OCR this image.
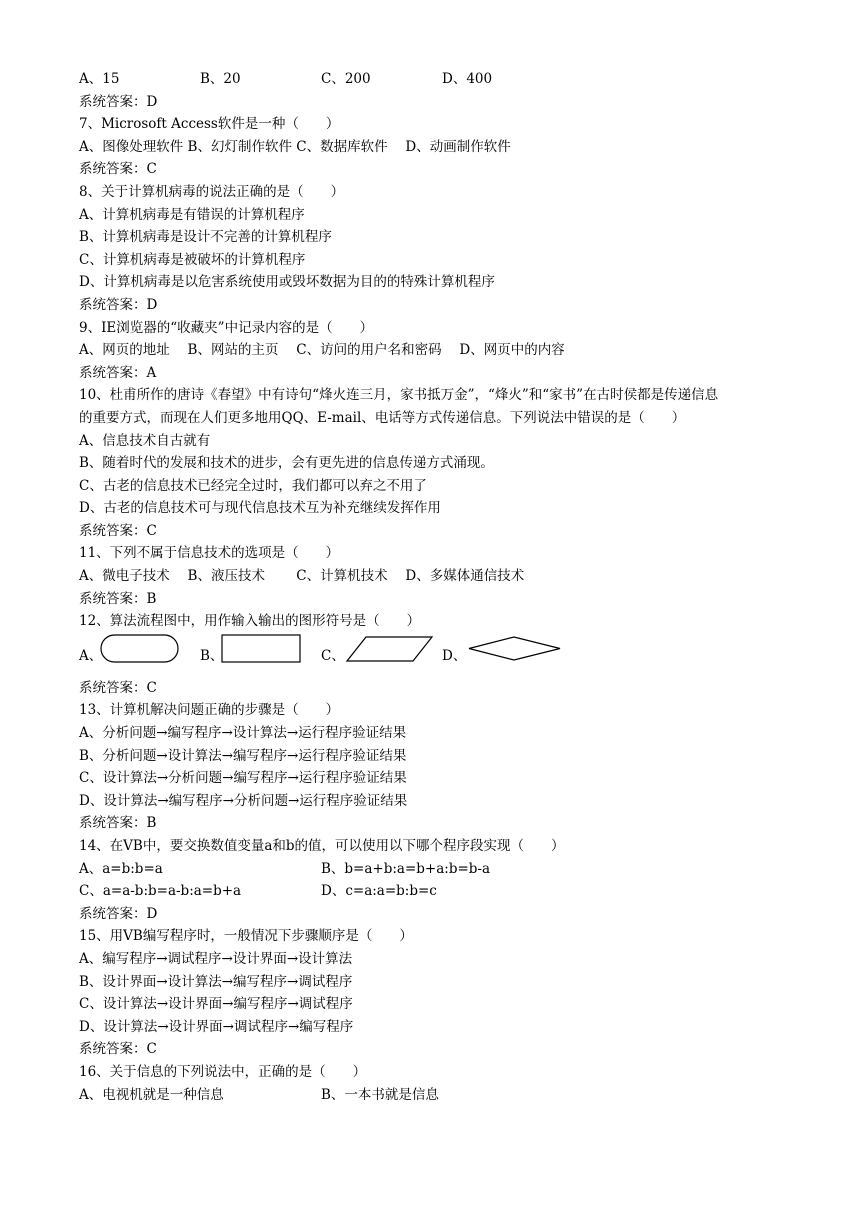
A、15	B、20	C、200	D、400
系统答案：D
7、Microsoft Access软件是一种（　　）
A、图像处理软件 B、幻灯制作软件 C、数据库软件　 D、动画制作软件
系统答案：C
8、关于计算机病毒的说法正确的是（　　）
A、计算机病毒是有错误的计算机程序
B、计算机病毒是设计不完善的计算机程序
C、计算机病毒是被破坏的计算机程序
D、计算机病毒是以危害系统使用或毁坏数据为目的的特殊计算机程序
系统答案：D
9、IE浏览器的“收藏夹”中记录内容的是（　　）
A、网页的地址　 B、网站的主页　 C、访问的用户名和密码　 D、网页中的内容
系统答案：A
10、杜甫所作的唐诗《春望》中有诗句“烽火连三月，家书抵万金”，“烽火”和“家书”在古时侯都是传递信息
的重要方式，而现在人们更多地用QQ、E-mail、电话等方式传递信息。下列说法中错误的是（　　）
A、信息技术自古就有
B、随着时代的发展和技术的进步，会有更先进的信息传递方式涌现。
C、古老的信息技术已经完全过时，我们都可以弃之不用了
D、古老的信息技术可与现代信息技术互为补充继续发挥作用
系统答案：C
11、下列不属于信息技术的选项是（　　）
A、微电子技术　 B、液压技术　　 C、计算机技术　 D、多媒体通信技术
系统答案：B
12、算法流程图中，用作输入输出的图形符号是（　　）
A、	B、	C、	D、
系统答案：C
13、计算机解决问题正确的步骤是（　　）
A、分析问题→编写程序→设计算法→运行程序验证结果
B、分析问题→设计算法→编写程序→运行程序验证结果
C、设计算法→分析问题→编写程序→运行程序验证结果
D、设计算法→编写程序→分析问题→运行程序验证结果
系统答案：B
14、在VB中，要交换数值变量a和b的值，可以使用以下哪个程序段实现（　　）
A、a=b:b=a	B、b=a+b:a=b+a:b=b-a
C、a=a-b:b=a-b:a=b+a	D、c=a:a=b:b=c
系统答案：D
15、用VB编写程序时，一般情况下步骤顺序是（　　）
A、编写程序→调试程序→设计界面→设计算法
B、设计界面→设计算法→编写程序→调试程序
C、设计算法→设计界面→编写程序→调试程序
D、设计算法→设计界面→调试程序→编写程序
系统答案：C
16、关于信息的下列说法中，正确的是（　　）
A、电视机就是一种信息	B、一本书就是信息
